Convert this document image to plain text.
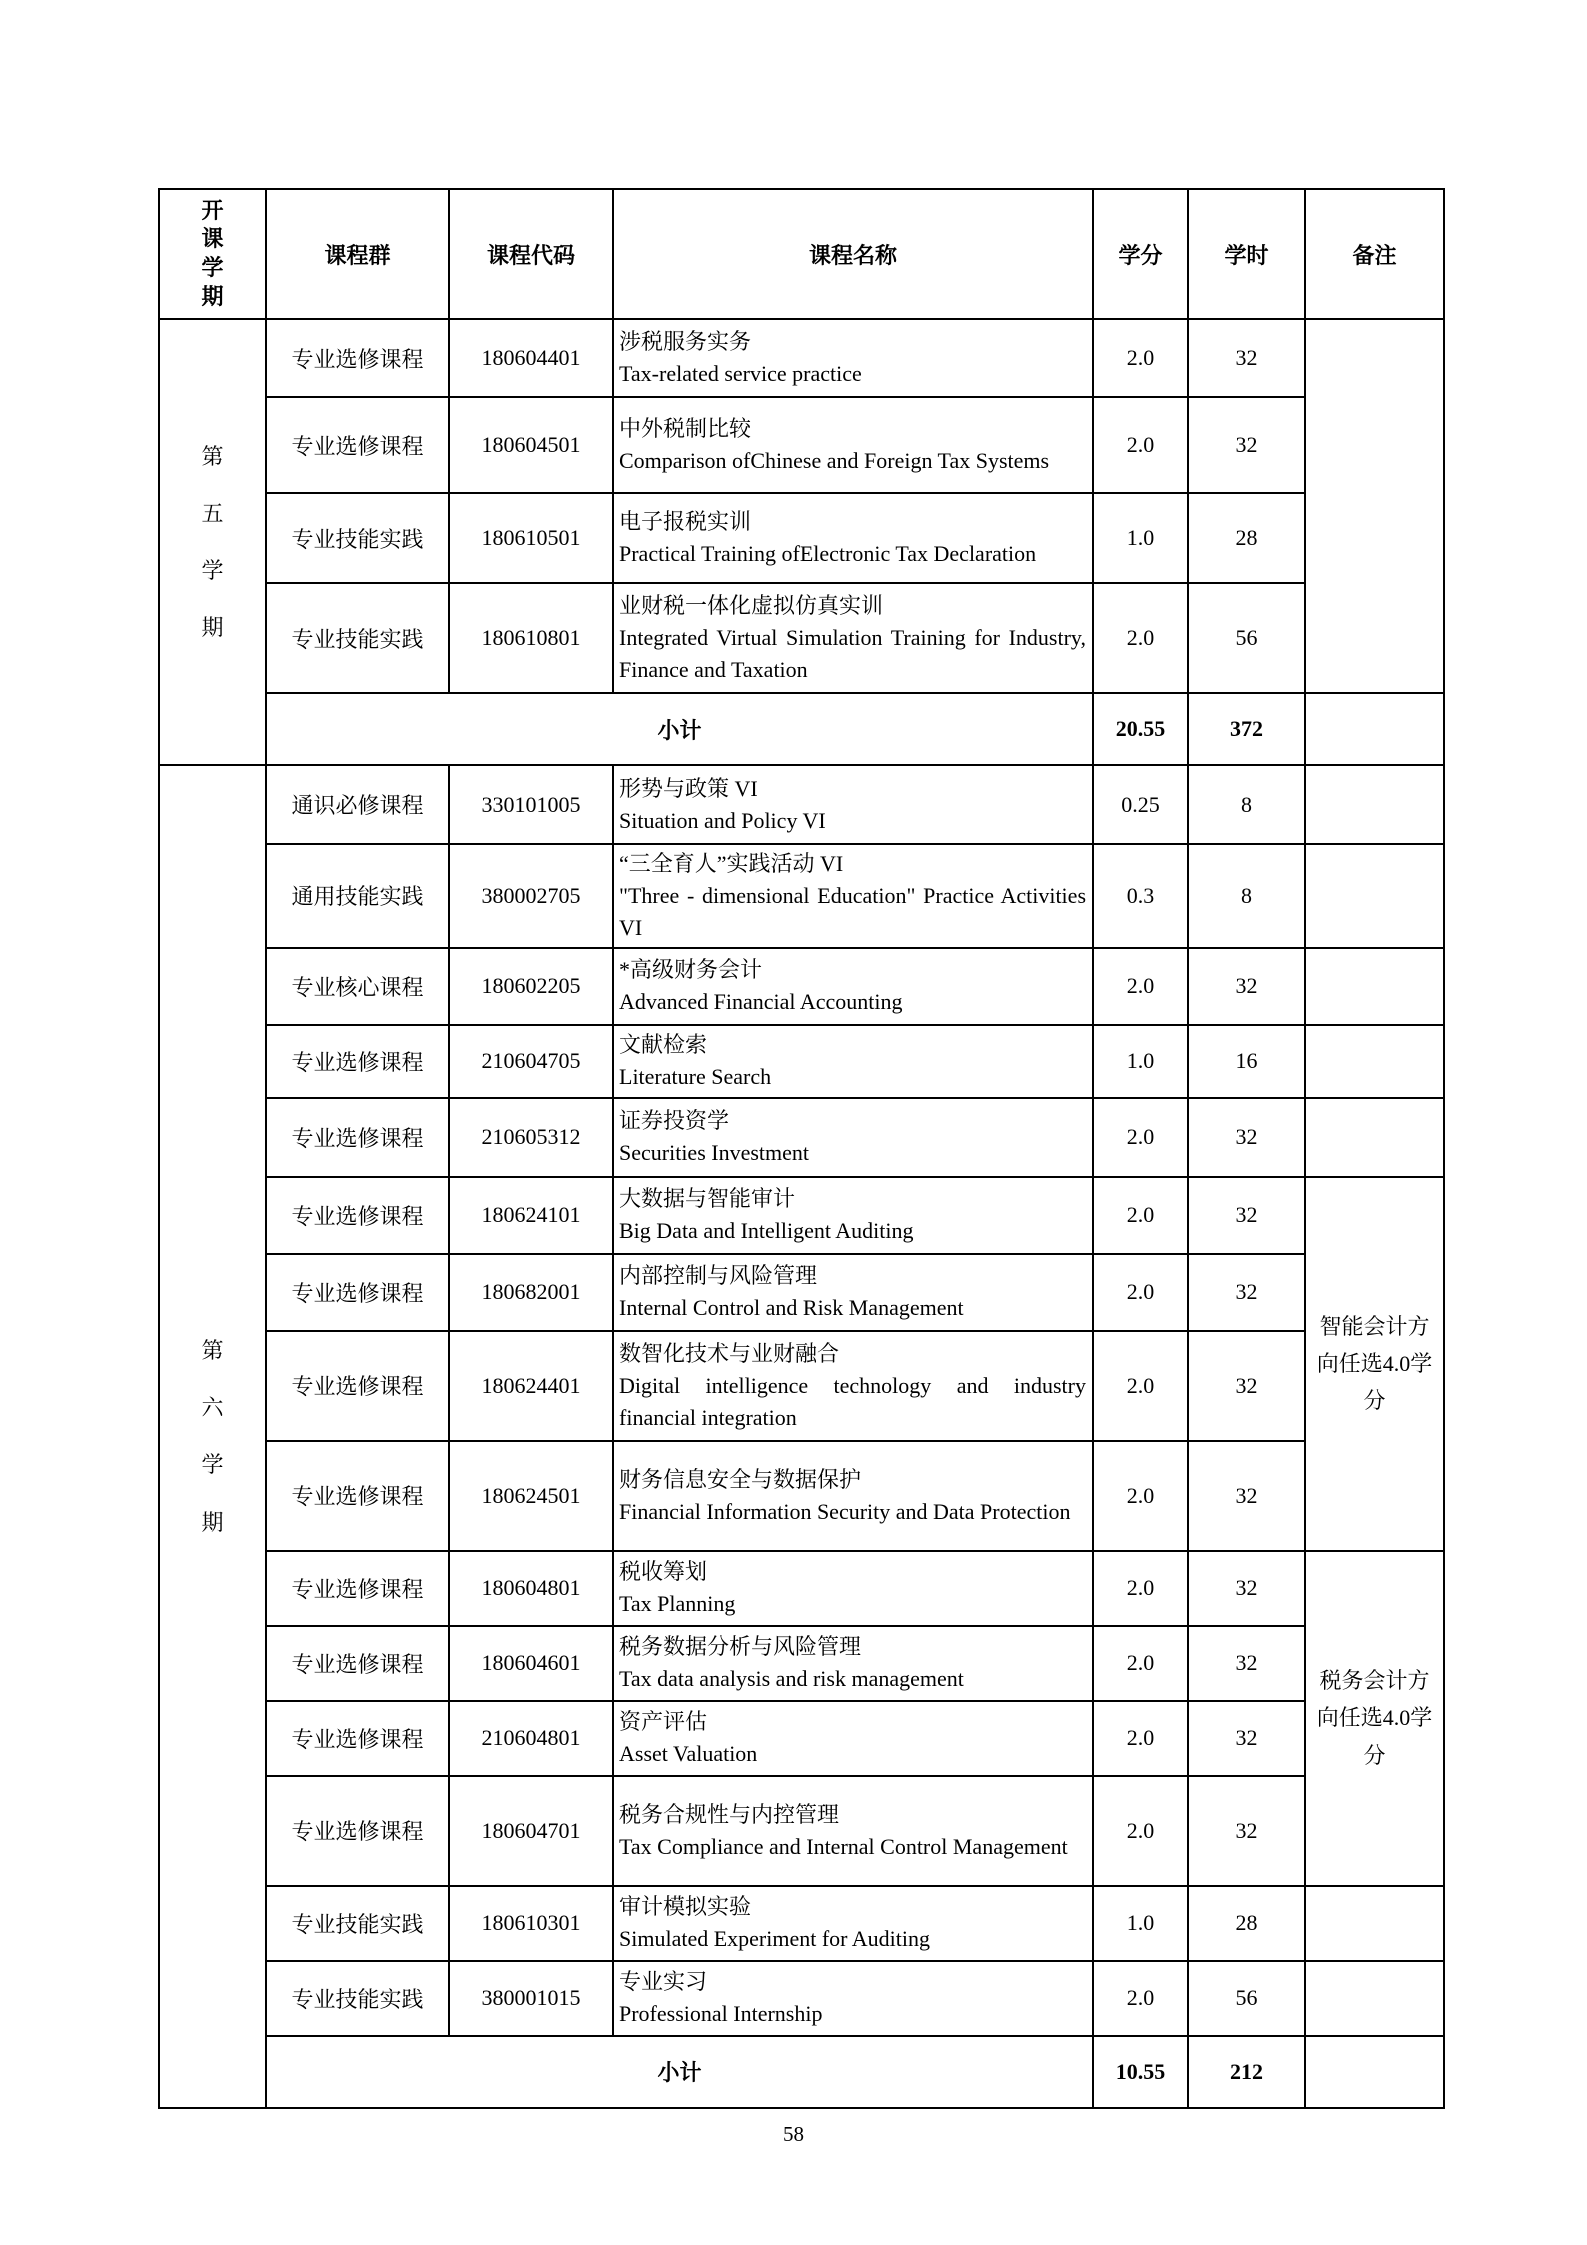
开课学期	课程群	课程代码	课程名称	学分	学时	备注
第五学期	专业选修课程	180604401	涉税服务实务
Tax-related service practice	2.0	32	
	专业选修课程	180604501	中外税制比较
Comparison ofChinese and Foreign Tax Systems	2.0	32	
	专业技能实践	180610501	电子报税实训
Practical Training ofElectronic Tax Declaration	1.0	28	
	专业技能实践	180610801	业财税一体化虚拟仿真实训
Integrated Virtual Simulation Training for Industry, Finance and Taxation	2.0	56	
	小计			20.55	372	
第六学期	通识必修课程	330101005	形势与政策 VI
Situation and Policy VI	0.25	8	
	通用技能实践	380002705	“三全育人”实践活动 VI
"Three - dimensional Education" Practice Activities VI	0.3	8	
	专业核心课程	180602205	*高级财务会计
Advanced Financial Accounting	2.0	32	
	专业选修课程	210604705	文献检索
Literature Search	1.0	16	
	专业选修课程	210605312	证券投资学
Securities Investment	2.0	32	
	专业选修课程	180624101	大数据与智能审计
Big Data and Intelligent Auditing	2.0	32	智能会计方向任选4.0学分
	专业选修课程	180682001	内部控制与风险管理
Internal Control and Risk Management	2.0	32	
	专业选修课程	180624401	数智化技术与业财融合
Digital intelligence technology and industry financial integration	2.0	32	
	专业选修课程	180624501	财务信息安全与数据保护
Financial Information Security and Data Protection	2.0	32	
	专业选修课程	180604801	税收筹划
Tax Planning	2.0	32	税务会计方向任选4.0学分
	专业选修课程	180604601	税务数据分析与风险管理
Tax data analysis and risk management	2.0	32	
	专业选修课程	210604801	资产评估
Asset Valuation	2.0	32	
	专业选修课程	180604701	税务合规性与内控管理
Tax Compliance and Internal Control Management	2.0	32	
	专业技能实践	180610301	审计模拟实验
Simulated Experiment for Auditing	1.0	28	
	专业技能实践	380001015	专业实习
Professional Internship	2.0	56	
	小计			10.55	212	
58
